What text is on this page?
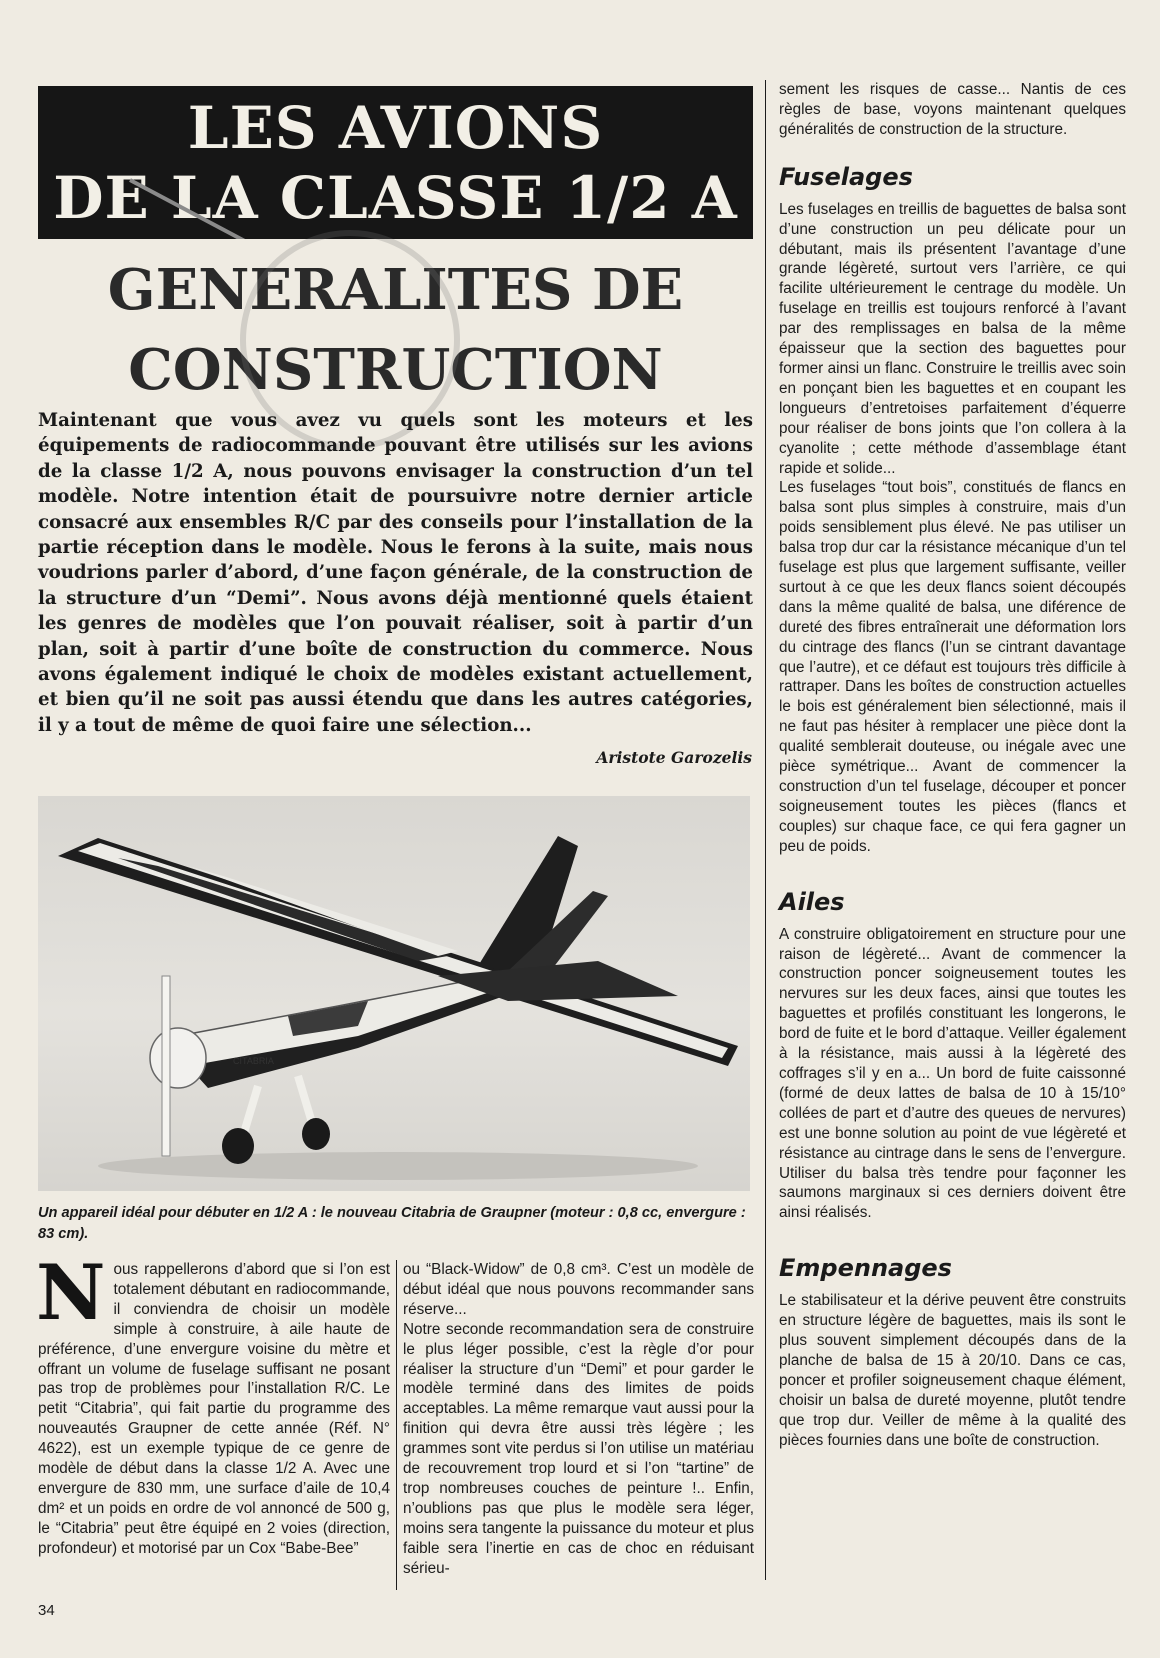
LES AVIONS
DE LA CLASSE 1/2 A
GENERALITES DE
CONSTRUCTION

Maintenant que vous avez vu quels sont les moteurs et les équipements de radiocommande pouvant être utilisés sur les avions de la classe 1/2 A, nous pouvons envisager la construction d’un tel modèle. Notre intention était de poursuivre notre dernier article consacré aux ensembles R/C par des conseils pour l’installation de la partie réception dans le modèle. Nous le ferons à la suite, mais nous voudrions parler d’abord, d’une façon générale, de la construction de la structure d’un “Demi”. Nous avons déjà mentionné quels étaient les genres de modèles que l’on pouvait réaliser, soit à partir d’un plan, soit à partir d’une boîte de construction du commerce. Nous avons également indiqué le choix de modèles existant actuellement, et bien qu’il ne soit pas aussi étendu que dans les autres catégories, il y a tout de même de quoi faire une sélection...

Aristote Garozelis
CITABRIA

Un appareil idéal pour débuter en 1/2 A : le nouveau Citabria de Graupner (moteur : 0,8 cc, envergure : 83 cm).

N ous rappellerons d’abord que si l’on est totalement débutant en radiocommande, il conviendra de choisir un modèle simple à construire, à aile haute de préférence, d’une envergure voisine du mètre et offrant un volume de fuselage suffisant ne posant pas trop de problèmes pour l’installation R/C. Le petit “Citabria”, qui fait partie du programme des nouveautés Graupner de cette année (Réf. N° 4622), est un exemple typique de ce genre de modèle de début dans la classe 1/2 A. Avec une envergure de 830 mm, une surface d’aile de 10,4 dm² et un poids en ordre de vol annoncé de 500 g, le “Citabria” peut être équipé en 2 voies (direction, profondeur) et motorisé par un Cox “Babe-Bee”

ou “Black-Widow” de 0,8 cm³. C’est un modèle de début idéal que nous pouvons recommander sans réserve...

Notre seconde recommandation sera de construire le plus léger possible, c’est la règle d’or pour réaliser la structure d’un “Demi” et pour garder le modèle terminé dans des limites de poids acceptables. La même remarque vaut aussi pour la finition qui devra être aussi très légère ; les grammes sont vite perdus si l’on utilise un matériau de recouvrement trop lourd et si l’on “tartine” de trop nombreuses couches de peinture !.. Enfin, n’oublions pas que plus le modèle sera léger, moins sera tangente la puissance du moteur et plus faible sera l’inertie en cas de choc en réduisant sérieu-

sement les risques de casse... Nantis de ces règles de base, voyons maintenant quelques généralités de construction de la structure.

Fuselages

Les fuselages en treillis de baguettes de balsa sont d’une construction un peu délicate pour un débutant, mais ils présentent l’avantage d’une grande légèreté, surtout vers l’arrière, ce qui facilite ultérieurement le centrage du modèle. Un fuselage en treillis est toujours renforcé à l’avant par des remplissages en balsa de la même épaisseur que la section des baguettes pour former ainsi un flanc. Construire le treillis avec soin en ponçant bien les baguettes et en coupant les longueurs d’entretoises parfaitement d’équerre pour réaliser de bons joints que l’on collera à la cyanolite ; cette méthode d’assemblage étant rapide et solide...

Les fuselages “tout bois”, constitués de flancs en balsa sont plus simples à construire, mais d’un poids sensiblement plus élevé. Ne pas utiliser un balsa trop dur car la résistance mécanique d’un tel fuselage est plus que largement suffisante, veiller surtout à ce que les deux flancs soient découpés dans la même qualité de balsa, une diférence de dureté des fibres entraînerait une déformation lors du cintrage des flancs (l’un se cintrant davantage que l’autre), et ce défaut est toujours très difficile à rattraper. Dans les boîtes de construction actuelles le bois est généralement bien sélectionné, mais il ne faut pas hésiter à remplacer une pièce dont la qualité semblerait douteuse, ou inégale avec une pièce symétrique... Avant de commencer la construction d’un tel fuselage, découper et poncer soigneusement toutes les pièces (flancs et couples) sur chaque face, ce qui fera gagner un peu de poids.

Ailes

A construire obligatoirement en structure pour une raison de légèreté... Avant de commencer la construction poncer soigneusement toutes les nervures sur les deux faces, ainsi que toutes les baguettes et profilés constituant les longerons, le bord de fuite et le bord d’attaque. Veiller également à la résistance, mais aussi à la légèreté des coffrages s’il y en a... Un bord de fuite caissonné (formé de deux lattes de balsa de 10 à 15/10° collées de part et d’autre des queues de nervures) est une bonne solution au point de vue légèreté et résistance au cintrage dans le sens de l’envergure. Utiliser du balsa très tendre pour façonner les saumons marginaux si ces derniers doivent être ainsi réalisés.

Empennages

Le stabilisateur et la dérive peuvent être construits en structure légère de baguettes, mais ils sont le plus souvent simplement découpés dans de la planche de balsa de 15 à 20/10. Dans ce cas, poncer et profiler soigneusement chaque élément, choisir un balsa de dureté moyenne, plutôt tendre que trop dur. Veiller de même à la qualité des pièces fournies dans une boîte de construction.

34
